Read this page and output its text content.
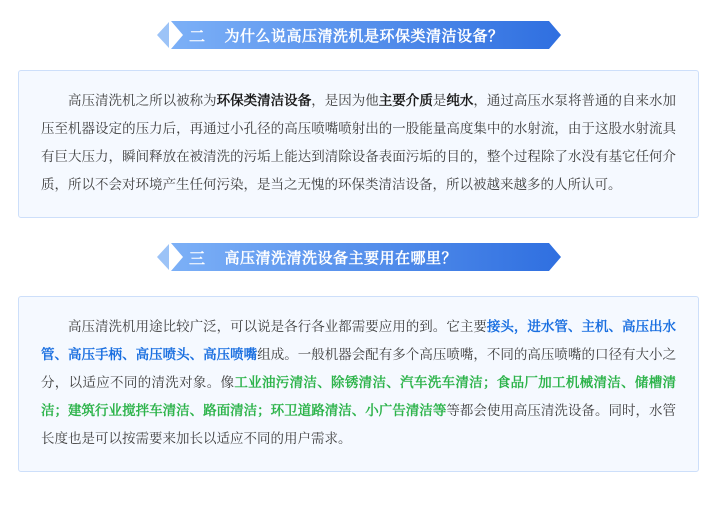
二	为什么说高压清洗机是环保类清洁设备？

高压清洗机之所以被称为环保类清洁设备，是因为他主要介质是纯水，通过高压水泵将普通的自来水加压至机器设定的压力后，再通过小孔径的高压喷嘴喷射出的一股能量高度集中的水射流，由于这股水射流具有巨大压力，瞬间释放在被清洗的污垢上能达到清除设备表面污垢的目的，整个过程除了水没有基它任何介质，所以不会对环境产生任何污染，是当之无愧的环保类清洁设备，所以被越来越多的人所认可。

三	高压清洗清洗设备主要用在哪里？

高压清洗机用途比较广泛，可以说是各行各业都需要应用的到。它主要接头，进水管、主机、高压出水管、高压手柄、高压喷头、高压喷嘴组成。一般机器会配有多个高压喷嘴，不同的高压喷嘴的口径有大小之分，以适应不同的清洗对象。像工业油污清洁、除锈清洁、汽车洗车清洁；食品厂加工机械清洁、储槽清洁；建筑行业搅拌车清洁、路面清洁；环卫道路清洁、小广告清洁等等都会使用高压清洗设备。同时，水管长度也是可以按需要来加长以适应不同的用户需求。
